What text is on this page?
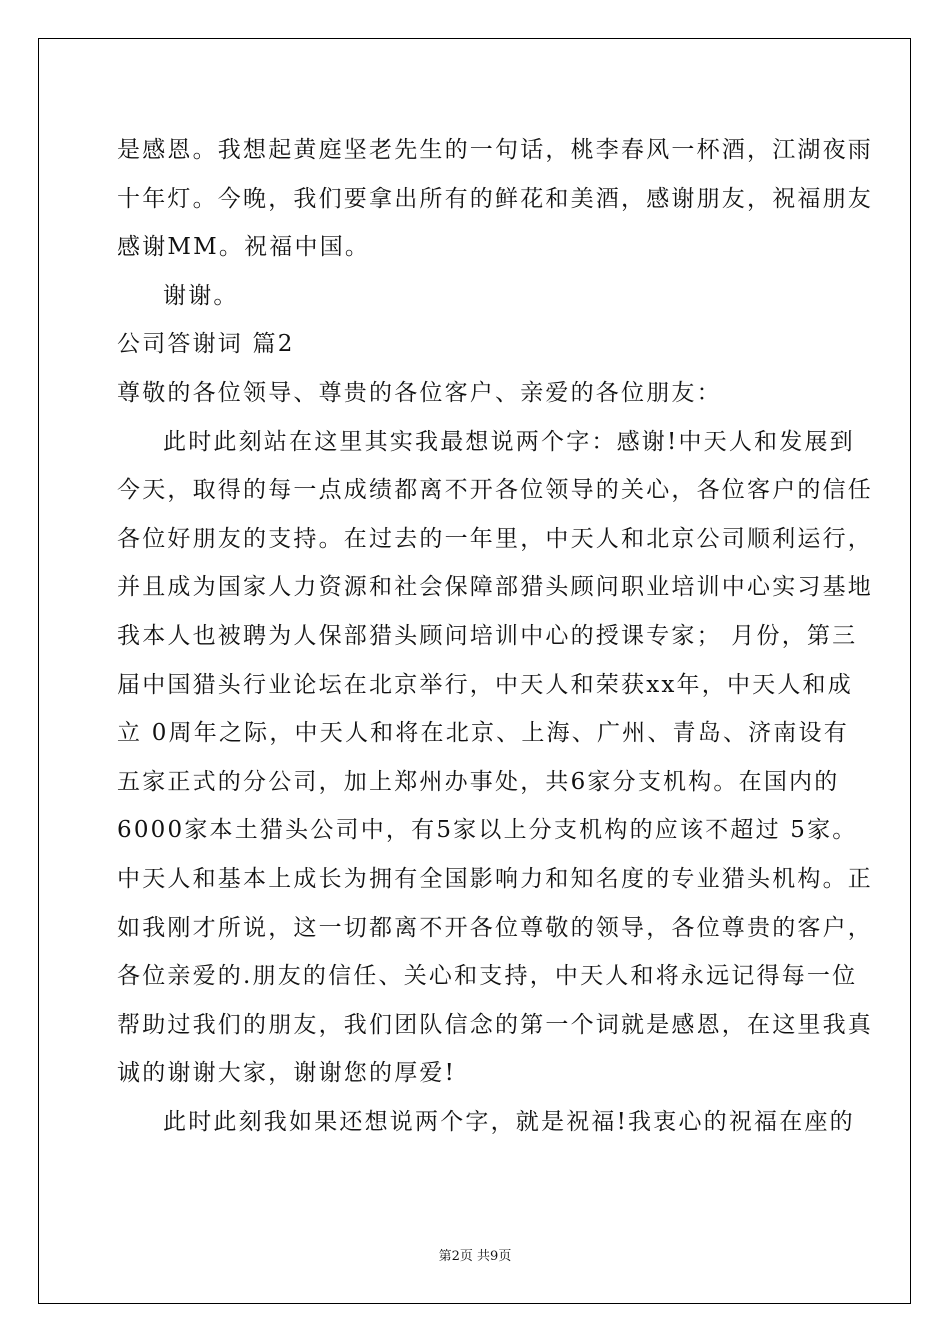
是感恩。我想起黄庭坚老先生的一句话，桃李春风一杯酒，江湖夜雨
十年灯。今晚，我们要拿出所有的鲜花和美酒，感谢朋友，祝福朋友
感谢MM。祝福中国。
谢谢。
公司答谢词 篇2
尊敬的各位领导、尊贵的各位客户、亲爱的各位朋友：
此时此刻站在这里其实我最想说两个字：感谢!中天人和发展到
今天，取得的每一点成绩都离不开各位领导的关心，各位客户的信任
各位好朋友的支持。在过去的一年里，中天人和北京公司顺利运行，
并且成为国家人力资源和社会保障部猎头顾问职业培训中心实习基地
我本人也被聘为人保部猎头顾问培训中心的授课专家； 月份，第三
届中国猎头行业论坛在北京举行，中天人和荣获xx年，中天人和成
立 0周年之际，中天人和将在北京、上海、广州、青岛、济南设有
五家正式的分公司，加上郑州办事处，共6家分支机构。在国内的
6000家本土猎头公司中，有5家以上分支机构的应该不超过 5家。
中天人和基本上成长为拥有全国影响力和知名度的专业猎头机构。正
如我刚才所说，这一切都离不开各位尊敬的领导，各位尊贵的客户，
各位亲爱的.朋友的信任、关心和支持，中天人和将永远记得每一位
帮助过我们的朋友，我们团队信念的第一个词就是感恩，在这里我真
诚的谢谢大家，谢谢您的厚爱!
此时此刻我如果还想说两个字，就是祝福!我衷心的祝福在座的
第2页 共9页
